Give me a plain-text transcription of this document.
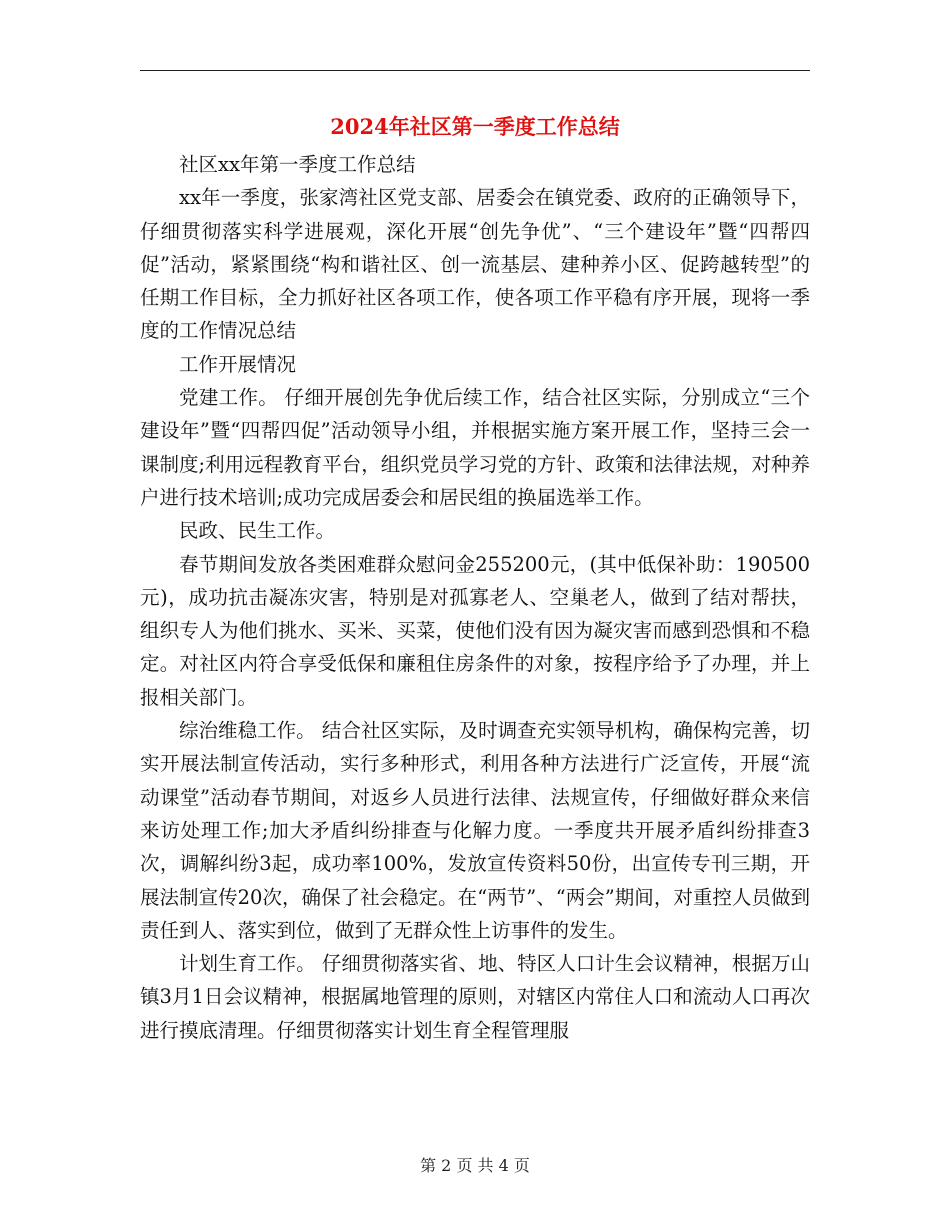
2024年社区第一季度工作总结

社区xx年第一季度工作总结

xx年一季度，张家湾社区党支部、居委会在镇党委、政府的正确领导下，仔细贯彻落实科学进展观，深化开展“创先争优”、“三个建设年”暨“四帮四促”活动，紧紧围绕“构和谐社区、创一流基层、建种养小区、促跨越转型”的任期工作目标，全力抓好社区各项工作，使各项工作平稳有序开展，现将一季度的工作情况总结

工作开展情况

党建工作。 仔细开展创先争优后续工作，结合社区实际，分别成立“三个建设年”暨“四帮四促”活动领导小组，并根据实施方案开展工作，坚持三会一课制度;利用远程教育平台，组织党员学习党的方针、政策和法律法规，对种养户进行技术培训;成功完成居委会和居民组的换届选举工作。

民政、民生工作。

春节期间发放各类困难群众慰问金255200元，(其中低保补助：190500元)，成功抗击凝冻灾害，特别是对孤寡老人、空巢老人，做到了结对帮扶，组织专人为他们挑水、买米、买菜，使他们没有因为凝灾害而感到恐惧和不稳定。对社区内符合享受低保和廉租住房条件的对象，按程序给予了办理，并上报相关部门。

综治维稳工作。 结合社区实际，及时调查充实领导机构，确保构完善，切实开展法制宣传活动，实行多种形式，利用各种方法进行广泛宣传，开展“流动课堂”活动春节期间，对返乡人员进行法律、法规宣传，仔细做好群众来信来访处理工作;加大矛盾纠纷排查与化解力度。一季度共开展矛盾纠纷排查3次，调解纠纷3起，成功率100%，发放宣传资料50份，出宣传专刊三期，开展法制宣传20次，确保了社会稳定。在“两节”、“两会”期间，对重控人员做到责任到人、落实到位，做到了无群众性上访事件的发生。

计划生育工作。 仔细贯彻落实省、地、特区人口计生会议精神，根据万山镇3月1日会议精神，根据属地管理的原则，对辖区内常住人口和流动人口再次进行摸底清理。仔细贯彻落实计划生育全程管理服

第 2 页 共 4 页
